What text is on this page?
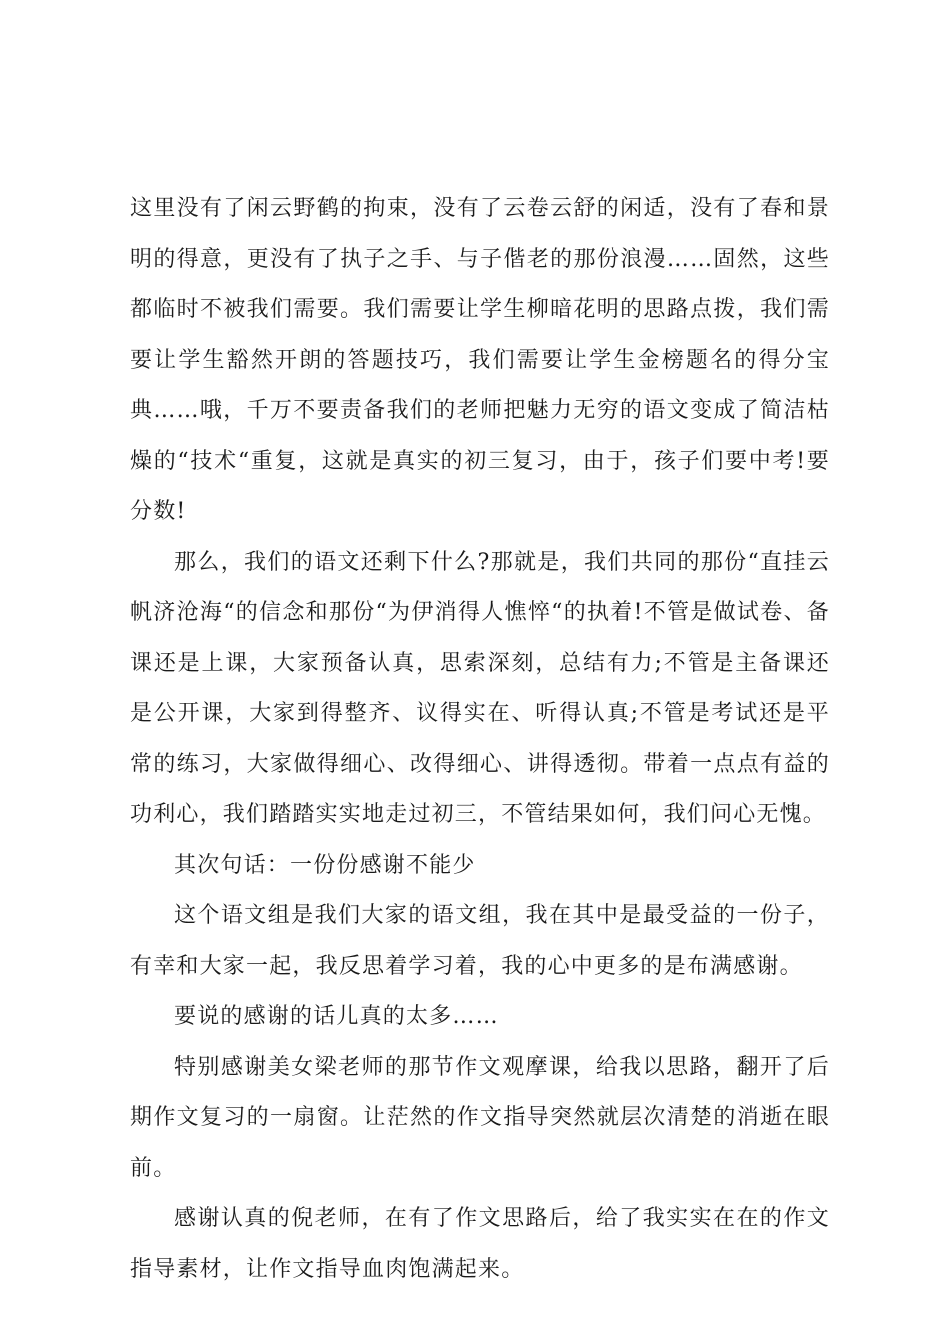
这里没有了闲云野鹤的拘束，没有了云卷云舒的闲适，没有了春和景明的得意，更没有了执子之手、与子偕老的那份浪漫……固然，这些都临时不被我们需要。我们需要让学生柳暗花明的思路点拨，我们需要让学生豁然开朗的答题技巧，我们需要让学生金榜题名的得分宝典……哦，千万不要责备我们的老师把魅力无穷的语文变成了简洁枯燥的“技术“重复，这就是真实的初三复习，由于，孩子们要中考!要分数!

那么，我们的语文还剩下什么?那就是，我们共同的那份“直挂云帆济沧海“的信念和那份“为伊消得人憔悴“的执着!不管是做试卷、备课还是上课，大家预备认真，思索深刻，总结有力;不管是主备课还是公开课，大家到得整齐、议得实在、听得认真;不管是考试还是平常的练习，大家做得细心、改得细心、讲得透彻。带着一点点有益的功利心，我们踏踏实实地走过初三，不管结果如何，我们问心无愧。

其次句话：一份份感谢不能少

这个语文组是我们大家的语文组，我在其中是最受益的一份子，有幸和大家一起，我反思着学习着，我的心中更多的是布满感谢。

要说的感谢的话儿真的太多……

特别感谢美女梁老师的那节作文观摩课，给我以思路，翻开了后期作文复习的一扇窗。让茫然的作文指导突然就层次清楚的消逝在眼前。

感谢认真的倪老师，在有了作文思路后，给了我实实在在的作文指导素材，让作文指导血肉饱满起来。
